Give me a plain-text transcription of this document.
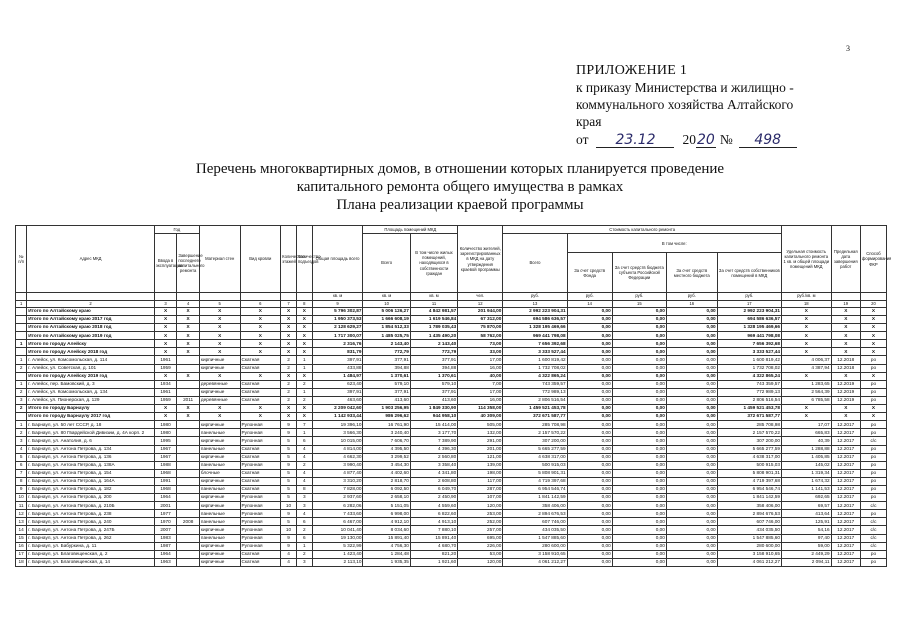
3
ПРИЛОЖЕНИЕ 1
к приказу Министерства и жилищно -
коммунального хозяйства Алтайского
края
от	23.12	20 20 №	498
Перечень многоквартирных домов, в отношении которых планируется проведение
капитального ремонта общего имущества в рамках
Плана реализации краевой программы
№ п/п	Адрес МКД	Год		Материал стен	Вид кровли	Количество этажей	Количество подъездов	Общая площадь всего	Площадь помещений МКД		Количество жителей, зарегистрированных в МКД на дату утверждения краевой программы	Стоимость капитального ремонта					Удельная стоимость капитального ремонта 1 кв. м общей площади помещений МКД	Предельная дата завершения работ	Способ формирования ФКР
		Ввода в эксплуатацию	Завершение последнего капитального ремонта						Всего	В том числе жилых помещений, находящихся в собственности граждан		Всего	В том числе:						
													За счет средств Фонда	За счет средств бюджета субъекта Российской Федерации	За счет средств местного бюджета	За счет средств собственников помещений в МКД			
								кв. м	кв. м	кв. м	чел.	руб.	руб.	руб.	руб.	руб.	руб./кв. м		
1	2	3	4	5	6	7	8	9	10	11	12	13	14	15	16	17	18	19	20
	Итого по Алтайскому краю	X	X	X	X	X	X	5 796 302,87	5 006 126,27	4 842 981,57	201 944,00	2 992 223 904,31	0,00	0,00	0,00	2 992 223 904,31	X	X	X
	Итого по Алтайскому краю 2017 год	X	X	X	X	X	X	1 950 373,53	1 666 608,19	1 619 546,84	67 312,00	694 586 636,57	0,00	0,00	0,00	694 586 636,57	X	X	X
	Итого по Алтайскому краю 2018 год	X	X	X	X	X	X	2 128 629,27	1 854 512,33	1 789 035,43	75 870,00	1 328 195 469,66	0,00	0,00	0,00	1 328 195 469,66	X	X	X
	Итого по Алтайскому краю 2019 год	X	X	X	X	X	X	1 717 300,07	1 485 025,75	1 435 490,20	58 762,00	969 441 798,08	0,00	0,00	0,00	969 441 798,08	X	X	X
1	Итого по городу Алейску	X	X	X	X	X	X	2 316,76	2 143,40	2 143,40	73,00	7 656 392,68	0,00	0,00	0,00	7 656 392,68	X	X	X
	Итого по городу Алейску 2018 год	X	X	X	X	X	X	831,79	772,79	772,79	33,00	3 333 527,44	0,00	0,00	0,00	3 333 527,44	X	X	X
1	г. Алейск, ул. Комсомольская, д. 114	1961		кирпичные	Скатная	2	1	397,91	377,91	377,91	17,00	1 600 819,42	0,00	0,00	0,00	1 600 819,42	4 006,37	12.2018	рo
2	г. Алейск, ул. Советская, д. 101	1959		кирпичные	Скатная	2	1	433,88	394,88	394,88	16,00	1 732 708,02	0,00	0,00	0,00	1 732 708,02	4 387,94	12.2018	рo
	Итого по городу Алейску 2019 год	X	X	X	X	X	X	1 484,97	1 370,61	1 370,61	40,00	4 322 865,24	0,00	0,00	0,00	4 322 865,24	X	X	X
1	г. Алейск, пер. Бамовский, д. 3	1934		деревянные	Скатная	2	2	623,40	579,10	579,10	7,00	743 359,57	0,00	0,00	0,00	743 359,57	1 283,65	12.2019	рo
2	г. Алейск, ул. Комсомольская, д. 134	1961		кирпичные	Скатная	2	1	397,91	377,91	377,91	17,00	772 989,13	0,00	0,00	0,00	772 989,13	2 564,39	12.2019	рo
3	г. Алейск, ул. Пионерская, д. 129	1959	2011	деревянные	Скатная	2	2	463,60	413,60	413,60	16,00	2 806 516,54	0,00	0,00	0,00	2 806 516,54	6 785,58	12.2019	рo
2	Итого по городу Барнаулу	X	X	X	X	X	X	2 209 042,60	1 903 256,95	1 849 330,90	114 358,00	1 459 521 453,78	0,00	0,00	0,00	1 459 521 453,78	X	X	X
	Итого по городу Барнаулу 2017 год	X	X	X	X	X	X	1 142 933,44	986 296,62	944 958,10	40 309,00	372 671 587,77	0,00	0,00	0,00	372 671 587,77	X	X	X
1	г. Барнаул, ул. 50 лет СССР, д. 18	1980		кирпичные	Рулонная	9	7	19 396,10	16 761,90	15 414,00	505,00	285 708,98	0,00	0,00	0,00	285 708,98	17,07	12.2017	рo
2	г. Барнаул, ул. 80 Гвардейской Дивизии, д. 4А корп. 2	1980		панельные	Рулонная	9	1	3 566,30	3 240,40	3 177,70	132,00	2 157 570,22	0,00	0,00	0,00	2 157 570,22	665,83	12.2017	рo
3	г. Барнаул, ул. Анатолия, д. 6	1995		кирпичные	Рулонная	5	6	10 015,00	7 606,70	7 389,90	291,00	307 200,00	0,00	0,00	0,00	307 200,00	40,39	12.2017	с/с
4	г. Барнаул, ул. Антона Петрова, д. 134	1967		панельные	Скатная	5	4	4 814,00	4 395,50	4 396,30	201,00	5 665 277,59	0,00	0,00	0,00	5 665 277,59	1 288,88	12.2017	рo
5	г. Барнаул, ул. Антона Петрова, д. 136	1967		кирпичные	Скатная	5	4	4 662,30	3 299,52	2 560,80	121,00	4 638 317,00	0,00	0,00	0,00	4 638 317,00	1 405,85	12.2017	рo
6	г. Барнаул, ул. Антона Петрова, д. 138А	1988		панельные	Рулонная	9	2	3 990,40	3 454,30	3 358,40	139,00	500 915,03	0,00	0,00	0,00	500 915,03	145,02	12.2017	рo
7	г. Барнаул, ул. Антона Петрова, д. 154	1968		блочные	Скатная	5	4	4 877,40	4 402,60	4 341,80	198,00	5 808 901,31	0,00	0,00	0,00	5 808 901,31	1 319,34	12.2017	рo
8	г. Барнаул, ул. Антона Петрова, д. 164А	1991		кирпичные	Скатная	5	4	3 310,20	2 818,70	2 608,80	117,00	4 719 397,68	0,00	0,00	0,00	4 719 397,68	1 674,32	12.2017	рo
9	г. Барнаул, ул. Антона Петрова, д. 182	1968		панельные	Скатная	5	8	7 828,00	6 092,50	6 049,70	287,00	6 954 546,74	0,00	0,00	0,00	6 954 546,74	1 141,53	12.2017	рo
10	г. Барнаул, ул. Антона Петрова, д. 200	1964		кирпичные	Рулонная	5	3	2 937,60	2 658,10	2 450,90	107,00	1 841 142,59	0,00	0,00	0,00	1 841 142,59	692,65	12.2017	рo
11	г. Барнаул, ул. Антона Петрова, д. 210Б	2001		кирпичные	Рулонная	10	3	6 282,06	5 151,05	4 559,60	120,00	358 406,00	0,00	0,00	0,00	358 406,00	69,57	12.2017	с/с
12	г. Барнаул, ул. Антона Петрова, д. 238	1977		панельные	Рулонная	9	4	7 433,60	6 998,00	6 822,60	253,00	2 894 676,53	0,00	0,00	0,00	2 894 676,53	413,64	12.2017	рo
13	г. Барнаул, ул. Антона Петрова, д. 240	1970	2008	панельные	Рулонная	5	6	6 467,00	4 912,10	4 913,10	252,00	607 746,00	0,00	0,00	0,00	607 746,00	125,91	12.2017	с/с
14	г. Барнаул, ул. Антона Петрова, д. 247Б	2007		кирпичные	Рулонная	10	2	10 041,40	8 034,60	7 880,10	257,00	434 035,50	0,00	0,00	0,00	434 035,50	54,16	12.2017	с/с
15	г. Барнаул, ул. Антона Петрова, д. 262	1983		панельные	Рулонная	9	6	19 130,00	15 891,40	15 891,40	695,00	1 547 885,60	0,00	0,00	0,00	1 547 885,60	97,40	12.2017	с/с
16	г. Барнаул, ул. Бабуркина, д. 11	1987		кирпичные	Рулонная	9	1	5 322,99	4 756,30	4 680,70	226,00	280 600,00	0,00	0,00	0,00	280 600,00	59,00	12.2017	с/с
17	г. Барнаул, ул. Благовещенская, д. 2	1964		кирпичные	Скатная	4	2	1 423,40	1 284,48	821,20	53,00	3 158 910,65	0,00	0,00	0,00	3 158 910,65	2 449,29	12.2017	рo
18	г. Барнаул, ул. Благовещенская, д. 14	1963		кирпичные	Скатная	4	3	2 113,10	1 935,35	1 921,60	120,00	4 061 212,27	0,00	0,00	0,00	4 061 212,27	2 094,11	12.2017	рo
